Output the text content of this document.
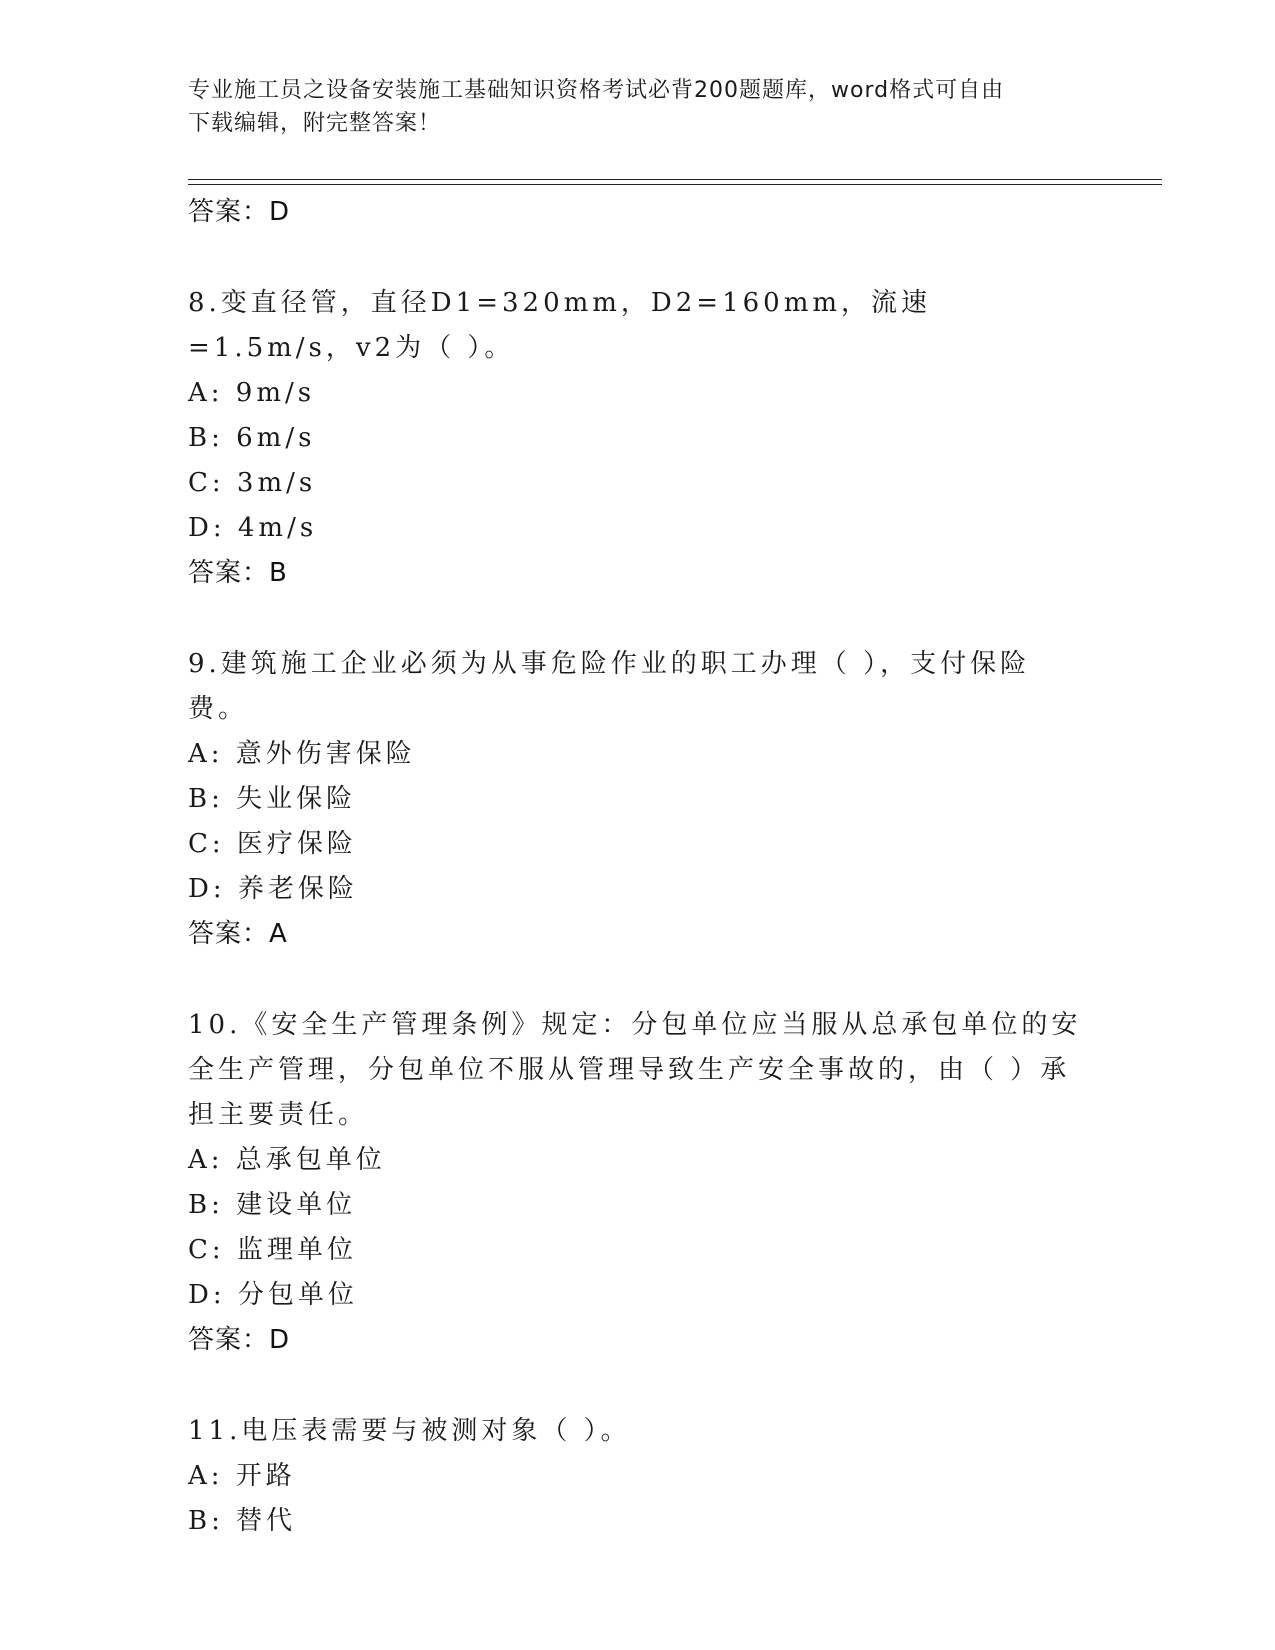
专业施工员之设备安装施工基础知识资格考试必背200题题库，word格式可自由
下载编辑，附完整答案！
答案：D
8.变直径管，直径D1=320mm，D2=160mm，流速=1.5m/s，v2为（ ）。
A: 9m/s
B: 6m/s
C: 3m/s
D: 4m/s
答案：B
9.建筑施工企业必须为从事危险作业的职工办理（ ），支付保险费。
A: 意外伤害保险
B: 失业保险
C: 医疗保险
D: 养老保险
答案：A
10.《安全生产管理条例》规定：分包单位应当服从总承包单位的安全生产管理，分包单位不服从管理导致生产安全事故的，由（ ）承担主要责任。
A: 总承包单位
B: 建设单位
C: 监理单位
D: 分包单位
答案：D
11.电压表需要与被测对象（ ）。
A: 开路
B: 替代
